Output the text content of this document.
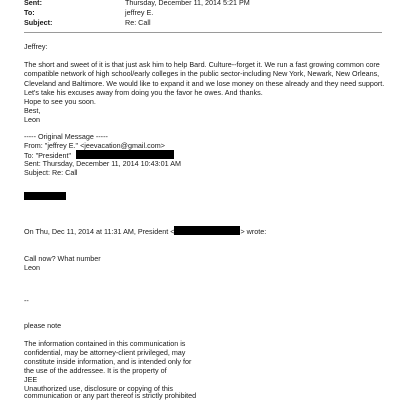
Sent:	Thursday, December 11, 2014 5:21 PM
To:	jeffrey E.
Subject:	Re: Call
Jeffrey:
The short and sweet of it is that just ask him to help Bard. Culture--forget it. We run a fast growing common core compatible network of high school/early colleges in the public sector-including New York, Newark, New Orleans, Cleveland and Baltimore. We would like to expand it and we lose money on these already and they need support. Let's take his excuses away from doing you the favor he owes. And thanks.
Hope to see you soon.
Best,
Leon
----- Original Message -----
From: "jeffrey E." <jeevacation@gmail.com>
To: "President"
Sent: Thursday, December 11, 2014 10:43:01 AM
Subject: Re: Call
On Thu, Dec 11, 2014 at 11:31 AM, President <	> wrote:
Call now? What number
Leon
--
please note
The information contained in this communication is
confidential, may be attorney-client privileged, may
constitute inside information, and is intended only for
the use of the addressee. It is the property of
JEE
Unauthorized use, disclosure or copying of this
communication or any part thereof is strictly prohibited
